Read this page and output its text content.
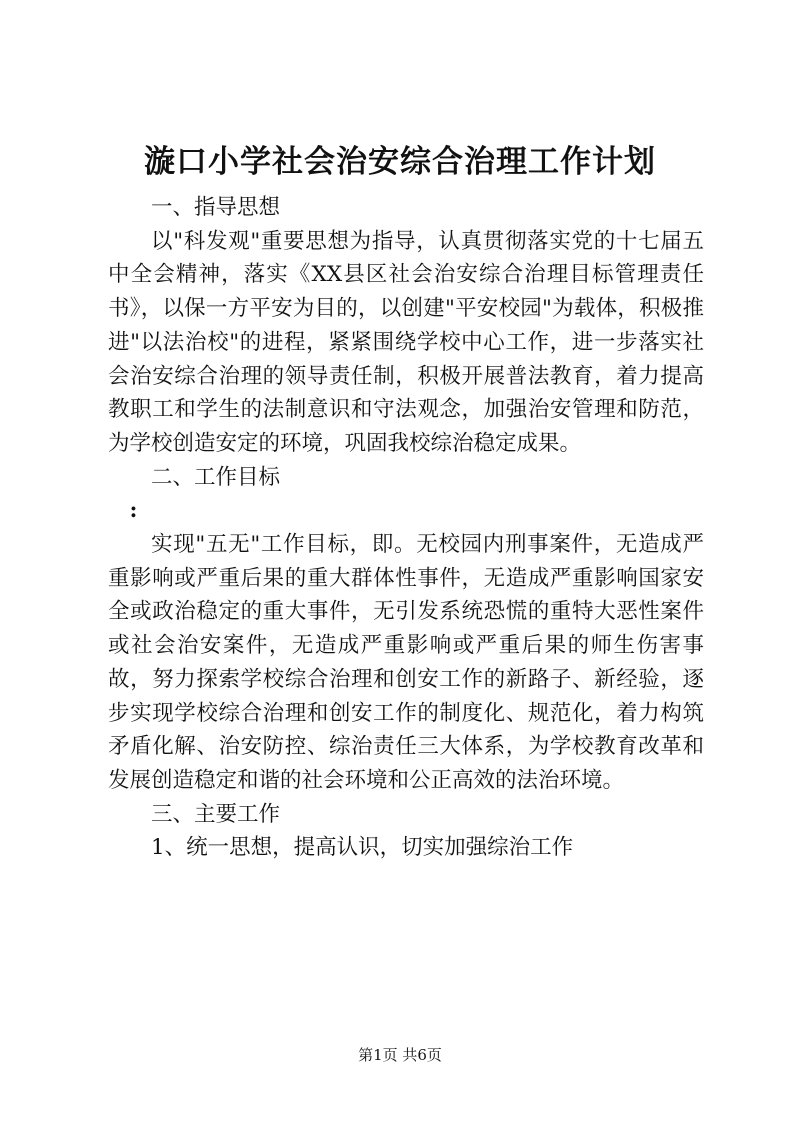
漩口小学社会治安综合治理工作计划

一、指导思想

以"科发观"重要思想为指导，认真贯彻落实党的十七届五中全会精神，落实《XX县区社会治安综合治理目标管理责任书》，以保一方平安为目的，以创建"平安校园"为载体，积极推进"以法治校"的进程，紧紧围绕学校中心工作，进一步落实社会治安综合治理的领导责任制，积极开展普法教育，着力提高教职工和学生的法制意识和守法观念，加强治安管理和防范，为学校创造安定的环境，巩固我校综治稳定成果。

二、工作目标

:

实现"五无"工作目标，即。无校园内刑事案件，无造成严重影响或严重后果的重大群体性事件，无造成严重影响国家安全或政治稳定的重大事件，无引发系统恐慌的重特大恶性案件或社会治安案件，无造成严重影响或严重后果的师生伤害事故，努力探索学校综合治理和创安工作的新路子、新经验，逐步实现学校综合治理和创安工作的制度化、规范化，着力构筑矛盾化解、治安防控、综治责任三大体系，为学校教育改革和发展创造稳定和谐的社会环境和公正高效的法治环境。

三、主要工作

1、统一思想，提高认识，切实加强综治工作

第1页 共6页
